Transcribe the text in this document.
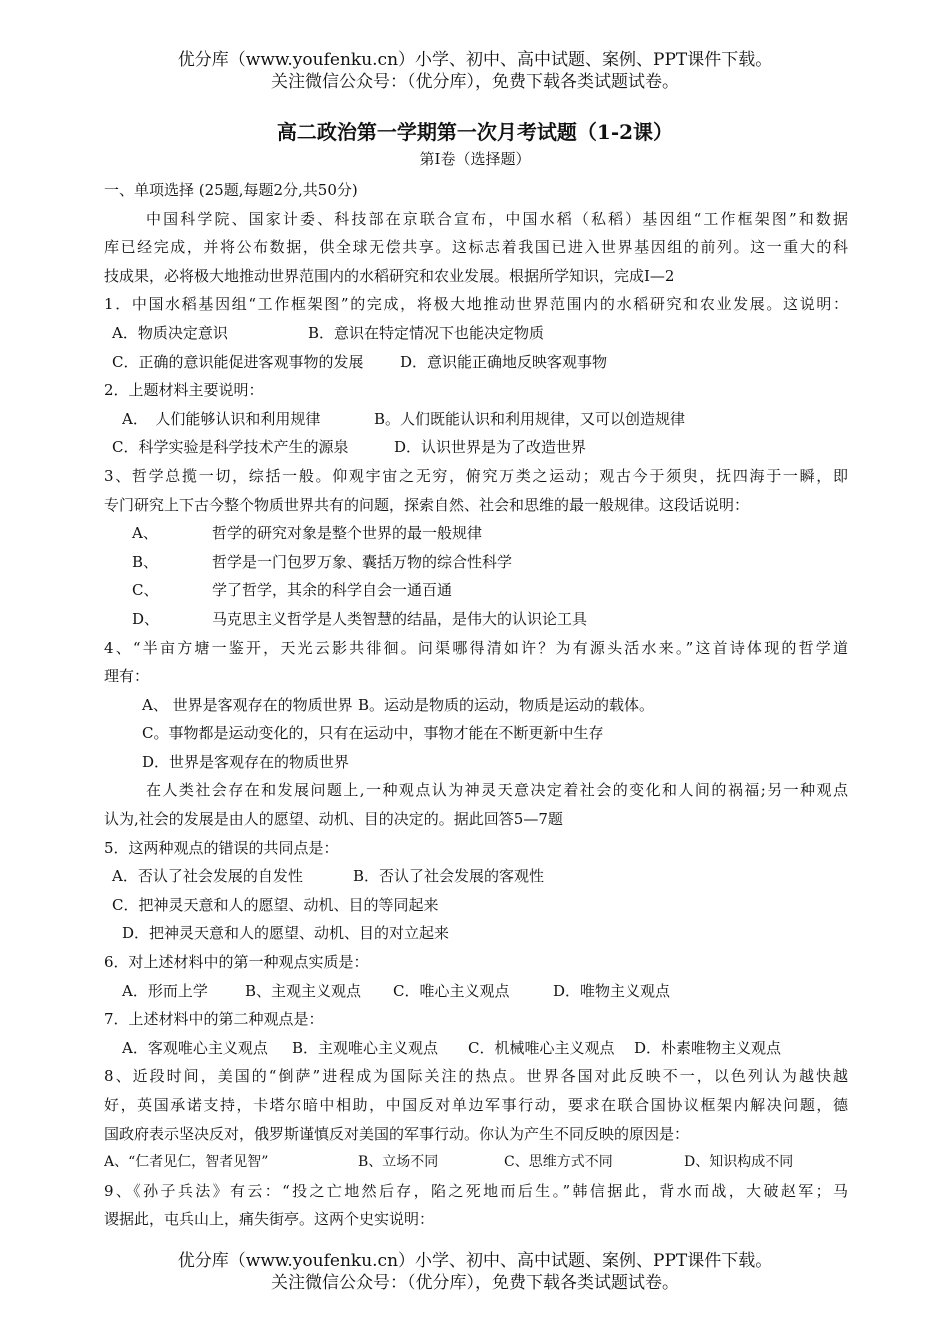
优分库（www.youfenku.cn）小学、初中、高中试题、案例、PPT课件下载。
关注微信公众号：（优分库），免费下载各类试题试卷。
高二政治第一学期第一次月考试题（1-2课）
第I卷（选择题）
一、单项选择 (25题,每题2分,共50分)
中国科学院、国家计委、科技部在京联合宣布，中国水稻（私稻）基因组“工作框架图”和数据
库已经完成，并将公布数据，供全球无偿共享。这标志着我国已进入世界基因组的前列。这一重大的科
技成果，必将极大地推动世界范围内的水稻研究和农业发展。根据所学知识，完成I—2
1．中国水稻基因组“工作框架图”的完成，将极大地推动世界范围内的水稻研究和农业发展。这说明：
A．物质决定意识	B．意识在特定情况下也能决定物质
C．正确的意识能促进客观事物的发展 D．意识能正确地反映客观事物
2．上题材料主要说明：
A．　人们能够认识和利用规律	B。人们既能认识和利用规律，又可以创造规律
C．科学实验是科学技术产生的源泉	D．认识世界是为了改造世界
3、哲学总揽一切，综括一般。仰观宇宙之无穷，俯究万类之运动；观古今于须臾，抚四海于一瞬，即
专门研究上下古今整个物质世界共有的问题，探索自然、社会和思维的最一般规律。这段话说明：
A、	哲学的研究对象是整个世界的最一般规律
B、	哲学是一门包罗万象、囊括万物的综合性科学
C、	学了哲学，其余的科学自会一通百通
D、	马克思主义哲学是人类智慧的结晶，是伟大的认识论工具
4、“半亩方塘一鉴开，天光云影共徘徊。问渠哪得清如许？为有源头活水来。”这首诗体现的哲学道
理有：
A、 世界是客观存在的物质世界 B。运动是物质的运动，物质是运动的载体。
C。事物都是运动变化的，只有在运动中，事物才能在不断更新中生存
D．世界是客观存在的物质世界
在人类社会存在和发展问题上,一种观点认为神灵天意决定着社会的变化和人间的祸福;另一种观点
认为,社会的发展是由人的愿望、动机、目的决定的。据此回答5—7题
5．这两种观点的错误的共同点是：
A．否认了社会发展的自发性	B．否认了社会发展的客观性
C．把神灵天意和人的愿望、动机、目的等同起来
D．把神灵天意和人的愿望、动机、目的对立起来
6．对上述材料中的第一种观点实质是：
A．形而上学 B、主观主义观点 C．唯心主义观点	D．唯物主义观点
7．上述材料中的第二种观点是：
A．客观唯心主义观点 B．主观唯心主义观点 C．机械唯心主义观点 D．朴素唯物主义观点
8、近段时间，美国的“倒萨”进程成为国际关注的热点。世界各国对此反映不一，以色列认为越快越
好，英国承诺支持，卡塔尔暗中相助，中国反对单边军事行动，要求在联合国协议框架内解决问题，德
国政府表示坚决反对，俄罗斯谨慎反对美国的军事行动。你认为产生不同反映的原因是：
A、“仁者见仁，智者见智”	B、立场不同	C、思维方式不同	D、知识构成不同
9、《孙子兵法》有云：“投之亡地然后存，陷之死地而后生。”韩信据此，背水而战，大破赵军；马
谡据此，屯兵山上，痛失街亭。这两个史实说明：
优分库（www.youfenku.cn）小学、初中、高中试题、案例、PPT课件下载。
关注微信公众号：（优分库），免费下载各类试题试卷。
